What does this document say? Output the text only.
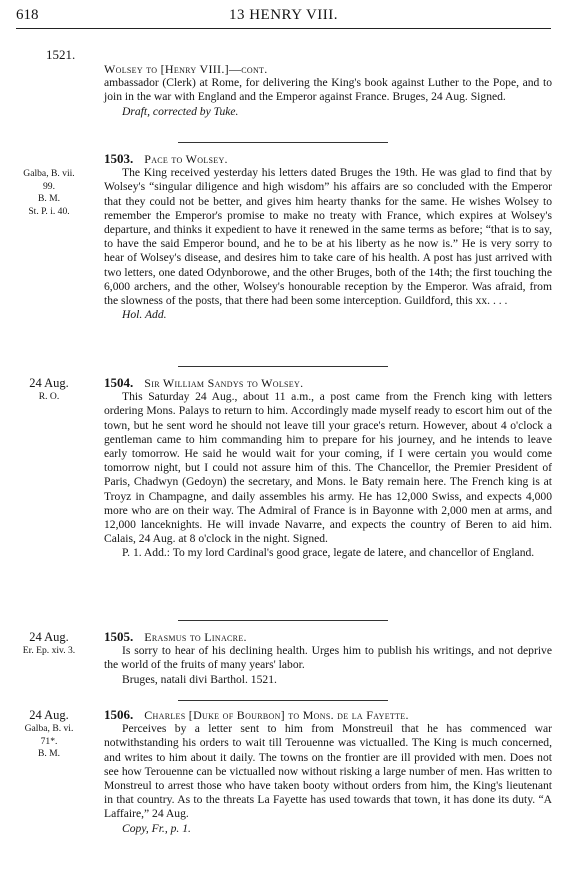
618	13 HENRY VIII.
1521.
Wolsey to [Henry VIII.]—cont.

ambassador (Clerk) at Rome, for delivering the King's book against Luther to the Pope, and to join in the war with England and the Emperor against France. Bruges, 24 Aug. Signed.

Draft, corrected by Tuke.

Galba, B. vii.
99.
B. M.
St. P. i. 40.
1503. Pace to Wolsey.

The King received yesterday his letters dated Bruges the 19th. He was glad to find that by Wolsey's “singular diligence and high wisdom” his affairs are so concluded with the Emperor that they could not be better, and gives him hearty thanks for the same. He wishes Wolsey to remember the Emperor's promise to make no treaty with France, which expires at Wolsey's departure, and thinks it expedient to have it renewed in the same terms as before; “that is to say, to have the said Emperor bound, and he to be at his liberty as he now is.” He is very sorry to hear of Wolsey's disease, and desires him to take care of his health. A post has just arrived with two letters, one dated Odynborowe, and the other Bruges, both of the 14th; the first touching the 6,000 archers, and the other, Wolsey's honourable reception by the Emperor. Was afraid, from the slowness of the posts, that there had been some interception. Guildford, this xx. . . .

Hol. Add.

24 Aug.
R. O.
1504. Sir William Sandys to Wolsey.

This Saturday 24 Aug., about 11 a.m., a post came from the French king with letters ordering Mons. Palays to return to him. Accordingly made myself ready to escort him out of the town, but he sent word he should not leave till your grace's return. However, about 4 o'clock a gentleman came to him commanding him to prepare for his journey, and he intends to leave early tomorrow. He said he would wait for your coming, if I were certain you would come tomorrow night, but I could not assure him of this. The Chancellor, the Premier President of Paris, Chadwyn (Gedoyn) the secretary, and Mons. le Baty remain here. The French king is at Troyz in Champagne, and daily assembles his army. He has 12,000 Swiss, and expects 4,000 more who are on their way. The Admiral of France is in Bayonne with 2,000 men at arms, and 12,000 lanceknights. He will invade Navarre, and expects the country of Beren to aid him. Calais, 24 Aug. at 8 o'clock in the night. Signed.

P. 1. Add.: To my lord Cardinal's good grace, legate de latere, and chancellor of England.

24 Aug.
Er. Ep. xiv. 3.
1505. Erasmus to Linacre.

Is sorry to hear of his declining health. Urges him to publish his writings, and not deprive the world of the fruits of many years' labor.

Bruges, natali divi Barthol. 1521.

24 Aug.
Galba, B. vi.
71*.
B. M.
1506. Charles [Duke of Bourbon] to Mons. de la Fayette.

Perceives by a letter sent to him from Monstreuil that he has commenced war notwithstanding his orders to wait till Terouenne was victualled. The King is much concerned, and writes to him about it daily. The towns on the frontier are ill provided with men. Does not see how Terouenne can be victualled now without risking a large number of men. Has written to Monstreul to arrest those who have taken booty without orders from him, the King's lieutenant in that country. As to the threats La Fayette has used towards that town, it has done its duty. “A Laffaire,” 24 Aug.

Copy, Fr., p. 1.
